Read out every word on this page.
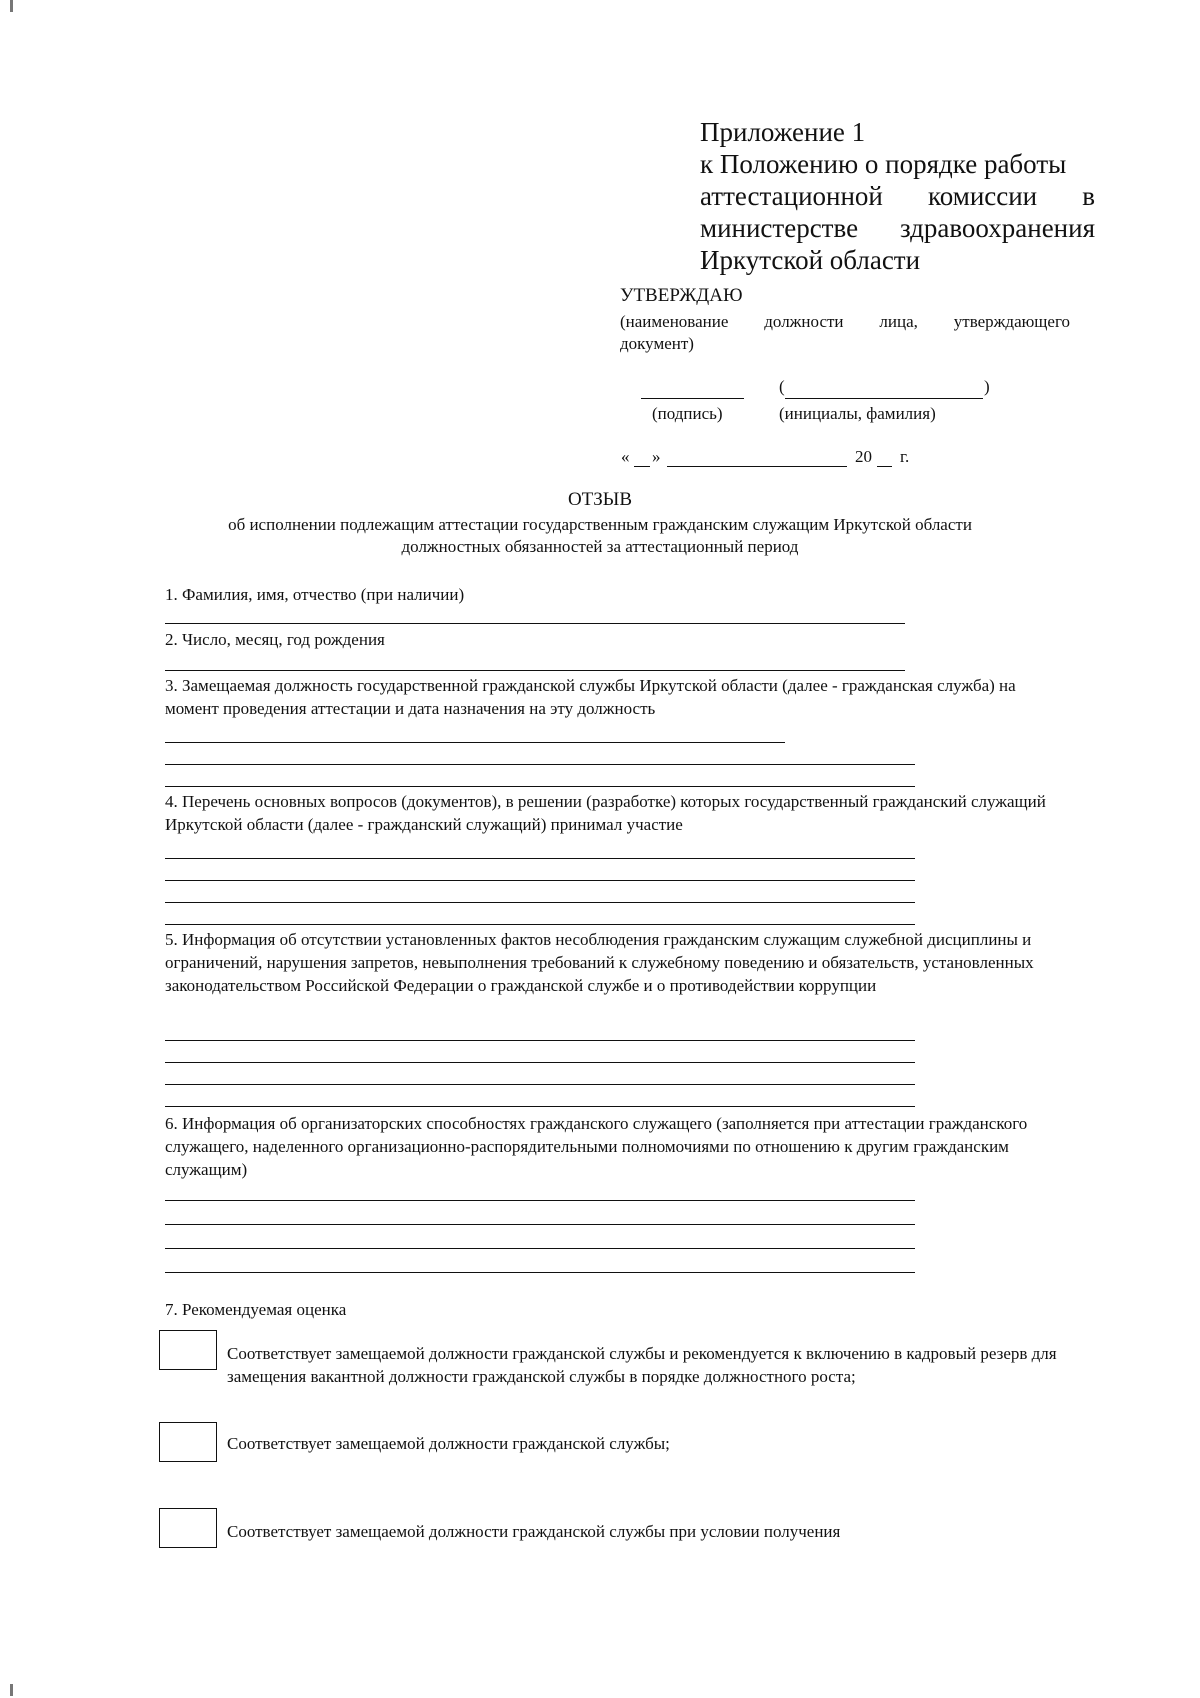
Приложение 1
к Положению о порядке работы
аттестационной комиссии в
министерстве здравоохранения
Иркутской области
УТВЕРЖДАЮ
(наименование должности лица, утверждающего
документ)
(подпись)
(	)
(инициалы, фамилия)
« »	20 г.
ОТЗЫВ
об исполнении подлежащим аттестации государственным гражданским служащим Иркутской области
должностных обязанностей за аттестационный период
1. Фамилия, имя, отчество (при наличии)
2. Число, месяц, год рождения
3. Замещаемая должность государственной гражданской службы Иркутской области (далее - гражданская служба) на момент проведения аттестации и дата назначения на эту должность
4. Перечень основных вопросов (документов), в решении (разработке) которых государственный гражданский служащий Иркутской области (далее - гражданский служащий) принимал участие
5. Информация об отсутствии установленных фактов несоблюдения гражданским служащим служебной дисциплины и ограничений, нарушения запретов, невыполнения требований к служебному поведению и обязательств, установленных законодательством Российской Федерации о гражданской службе и о противодействии коррупции
6. Информация об организаторских способностях гражданского служащего (заполняется при аттестации гражданского служащего, наделенного организационно-распорядительными полномочиями по отношению к другим гражданским служащим)
7. Рекомендуемая оценка
Соответствует замещаемой должности гражданской службы и рекомендуется к включению в кадровый резерв для замещения вакантной должности гражданской службы в порядке должностного роста;
Соответствует замещаемой должности гражданской службы;
Соответствует замещаемой должности гражданской службы при условии получения
